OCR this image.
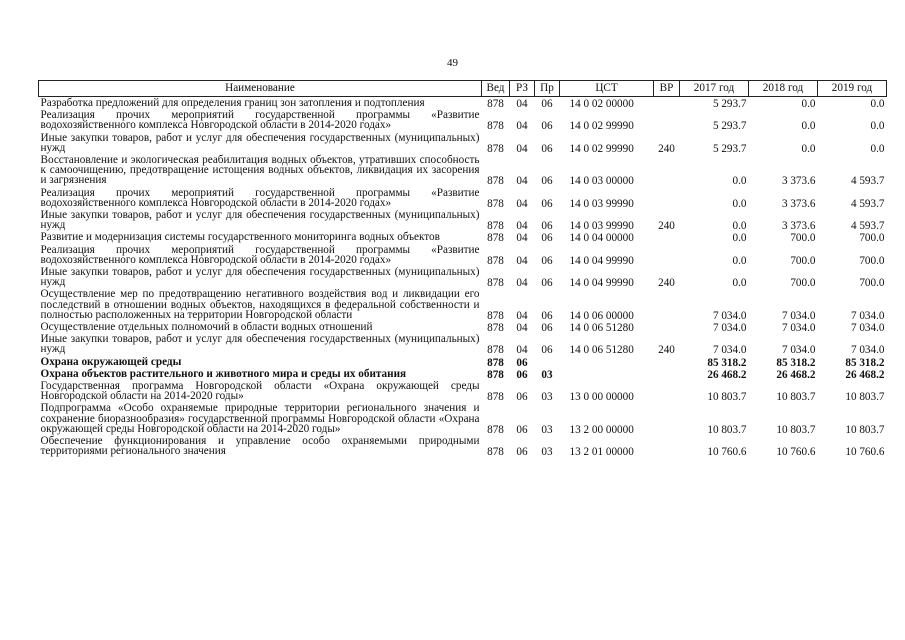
49
Наименование	Вед	РЗ	Пр	ЦСТ	ВР	2017 год	2018 год	2019 год
Разработка предложений для определения границ зон затопления и подтопления	878	04	06	14 0 02 00000		5 293.7	0.0	0.0
Реализация прочих мероприятий государственной программы «Развитие водохозяйственного комплекса Новгородской области в 2014-2020 годах»	878	04	06	14 0 02 99990		5 293.7	0.0	0.0
Иные закупки товаров, работ и услуг для обеспечения государственных (муниципальных) нужд	878	04	06	14 0 02 99990	240	5 293.7	0.0	0.0
Восстановление и экологическая реабилитация водных объектов, утративших способность к самоочищению, предотвращение истощения водных объектов, ликвидация их засорения и загрязнения	878	04	06	14 0 03 00000		0.0	3 373.6	4 593.7
Реализация прочих мероприятий государственной программы «Развитие водохозяйственного комплекса Новгородской области в 2014-2020 годах»	878	04	06	14 0 03 99990		0.0	3 373.6	4 593.7
Иные закупки товаров, работ и услуг для обеспечения государственных (муниципальных) нужд	878	04	06	14 0 03 99990	240	0.0	3 373.6	4 593.7
Развитие и модернизация системы государственного мониторинга водных объектов	878	04	06	14 0 04 00000		0.0	700.0	700.0
Реализация прочих мероприятий государственной программы «Развитие водохозяйственного комплекса Новгородской области в 2014-2020 годах»	878	04	06	14 0 04 99990		0.0	700.0	700.0
Иные закупки товаров, работ и услуг для обеспечения государственных (муниципальных) нужд	878	04	06	14 0 04 99990	240	0.0	700.0	700.0
Осуществление мер по предотвращению негативного воздействия вод и ликвидации его последствий в отношении водных объектов, находящихся в федеральной собственности и полностью расположенных на территории Новгородской области	878	04	06	14 0 06 00000		7 034.0	7 034.0	7 034.0
Осуществление отдельных полномочий в области водных отношений	878	04	06	14 0 06 51280		7 034.0	7 034.0	7 034.0
Иные закупки товаров, работ и услуг для обеспечения государственных (муниципальных) нужд	878	04	06	14 0 06 51280	240	7 034.0	7 034.0	7 034.0
Охрана окружающей среды	878	06				85 318.2	85 318.2	85 318.2
Охрана объектов растительного и животного мира и среды их обитания	878	06	03			26 468.2	26 468.2	26 468.2
Государственная программа Новгородской области «Охрана окружающей среды Новгородской области на 2014-2020 годы»	878	06	03	13 0 00 00000		10 803.7	10 803.7	10 803.7
Подпрограмма «Особо охраняемые природные территории регионального значения и сохранение биоразнообразия» государственной программы Новгородской области «Охрана окружающей среды Новгородской области на 2014-2020 годы»	878	06	03	13 2 00 00000		10 803.7	10 803.7	10 803.7
Обеспечение функционирования и управление особо охраняемыми природными территориями регионального значения	878	06	03	13 2 01 00000		10 760.6	10 760.6	10 760.6
